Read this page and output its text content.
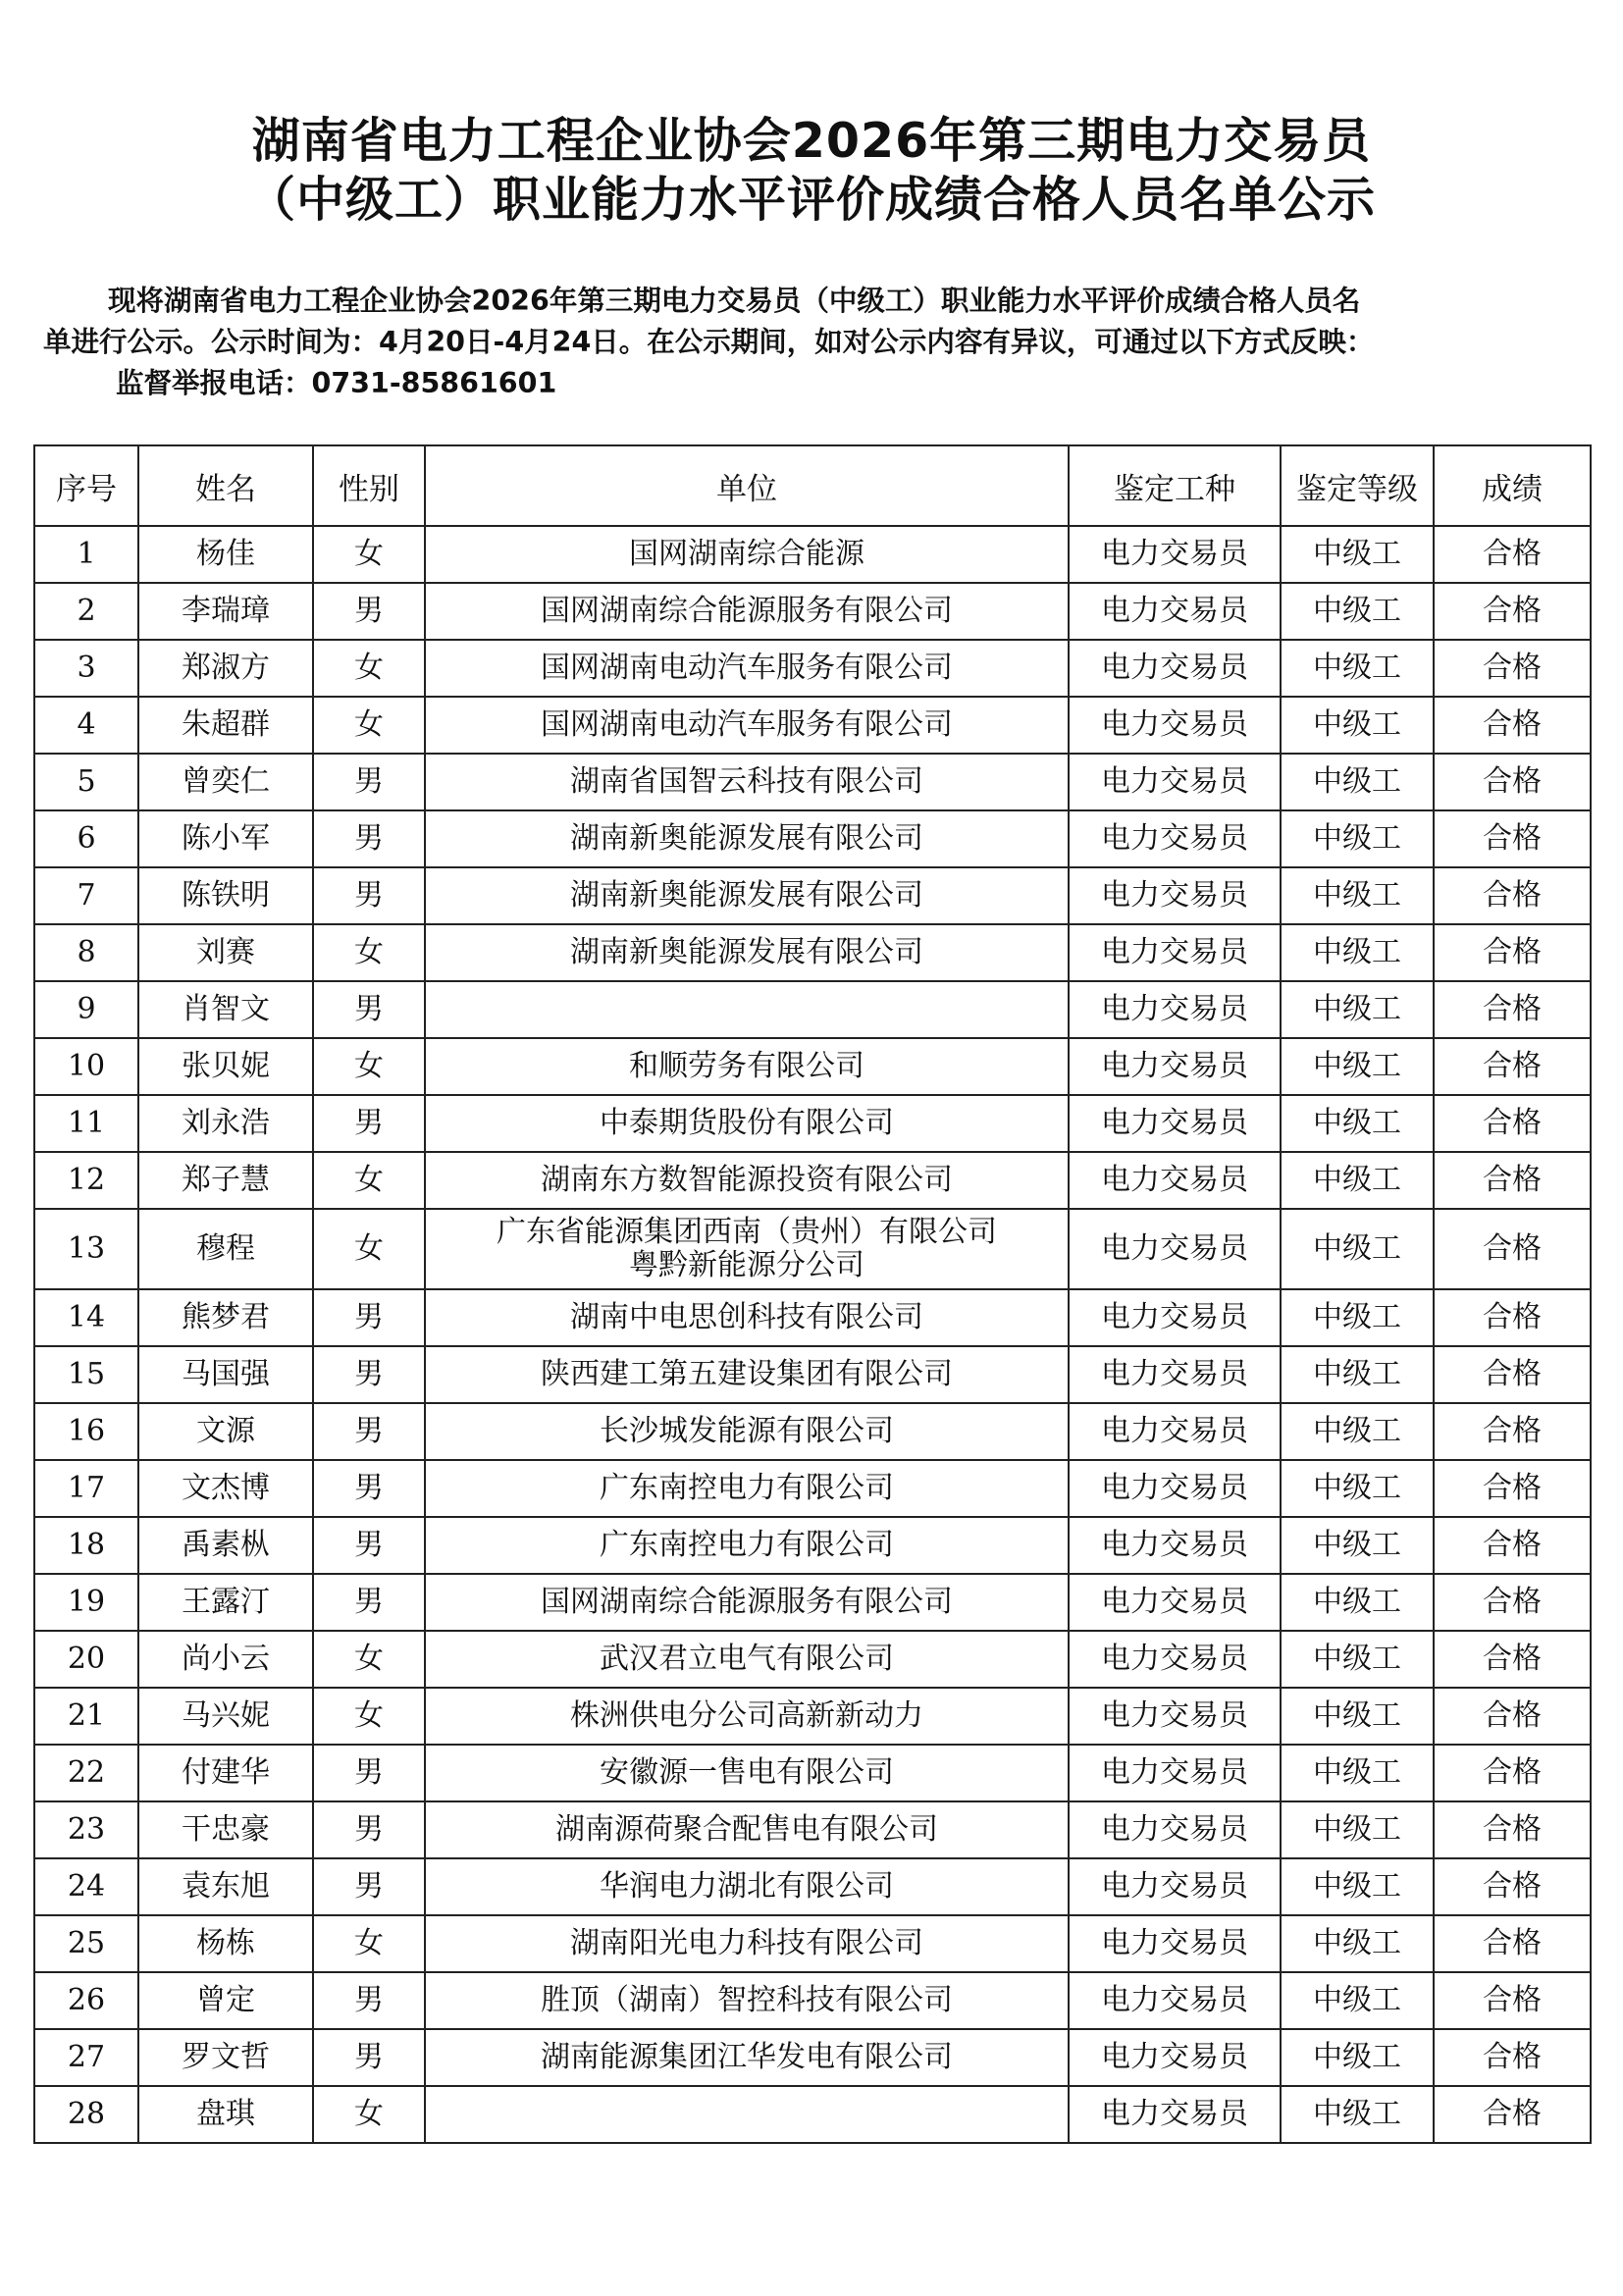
湖南省电力工程企业协会2026年第三期电力交易员
（中级工）职业能力水平评价成绩合格人员名单公示
现将湖南省电力工程企业协会2026年第三期电力交易员（中级工）职业能力水平评价成绩合格人员名
单进行公示。公示时间为：4月20日-4月24日。在公示期间，如对公示内容有异议，可通过以下方式反映：
监督举报电话：0731-85861601
序号	姓名	性别	单位	鉴定工种	鉴定等级	成绩
1	杨佳	女	国网湖南综合能源	电力交易员	中级工	合格
2	李瑞璋	男	国网湖南综合能源服务有限公司	电力交易员	中级工	合格
3	郑淑方	女	国网湖南电动汽车服务有限公司	电力交易员	中级工	合格
4	朱超群	女	国网湖南电动汽车服务有限公司	电力交易员	中级工	合格
5	曾奕仁	男	湖南省国智云科技有限公司	电力交易员	中级工	合格
6	陈小军	男	湖南新奥能源发展有限公司	电力交易员	中级工	合格
7	陈铁明	男	湖南新奥能源发展有限公司	电力交易员	中级工	合格
8	刘赛	女	湖南新奥能源发展有限公司	电力交易员	中级工	合格
9	肖智文	男		电力交易员	中级工	合格
10	张贝妮	女	和顺劳务有限公司	电力交易员	中级工	合格
11	刘永浩	男	中泰期货股份有限公司	电力交易员	中级工	合格
12	郑子慧	女	湖南东方数智能源投资有限公司	电力交易员	中级工	合格
13	穆程	女	广东省能源集团西南（贵州）有限公司
粤黔新能源分公司	电力交易员	中级工	合格
14	熊梦君	男	湖南中电思创科技有限公司	电力交易员	中级工	合格
15	马国强	男	陕西建工第五建设集团有限公司	电力交易员	中级工	合格
16	文源	男	长沙城发能源有限公司	电力交易员	中级工	合格
17	文杰博	男	广东南控电力有限公司	电力交易员	中级工	合格
18	禹素枞	男	广东南控电力有限公司	电力交易员	中级工	合格
19	王露汀	男	国网湖南综合能源服务有限公司	电力交易员	中级工	合格
20	尚小云	女	武汉君立电气有限公司	电力交易员	中级工	合格
21	马兴妮	女	株洲供电分公司高新新动力	电力交易员	中级工	合格
22	付建华	男	安徽源一售电有限公司	电力交易员	中级工	合格
23	干忠豪	男	湖南源荷聚合配售电有限公司	电力交易员	中级工	合格
24	袁东旭	男	华润电力湖北有限公司	电力交易员	中级工	合格
25	杨栋	女	湖南阳光电力科技有限公司	电力交易员	中级工	合格
26	曾定	男	胜顶（湖南）智控科技有限公司	电力交易员	中级工	合格
27	罗文哲	男	湖南能源集团江华发电有限公司	电力交易员	中级工	合格
28	盘琪	女		电力交易员	中级工	合格
